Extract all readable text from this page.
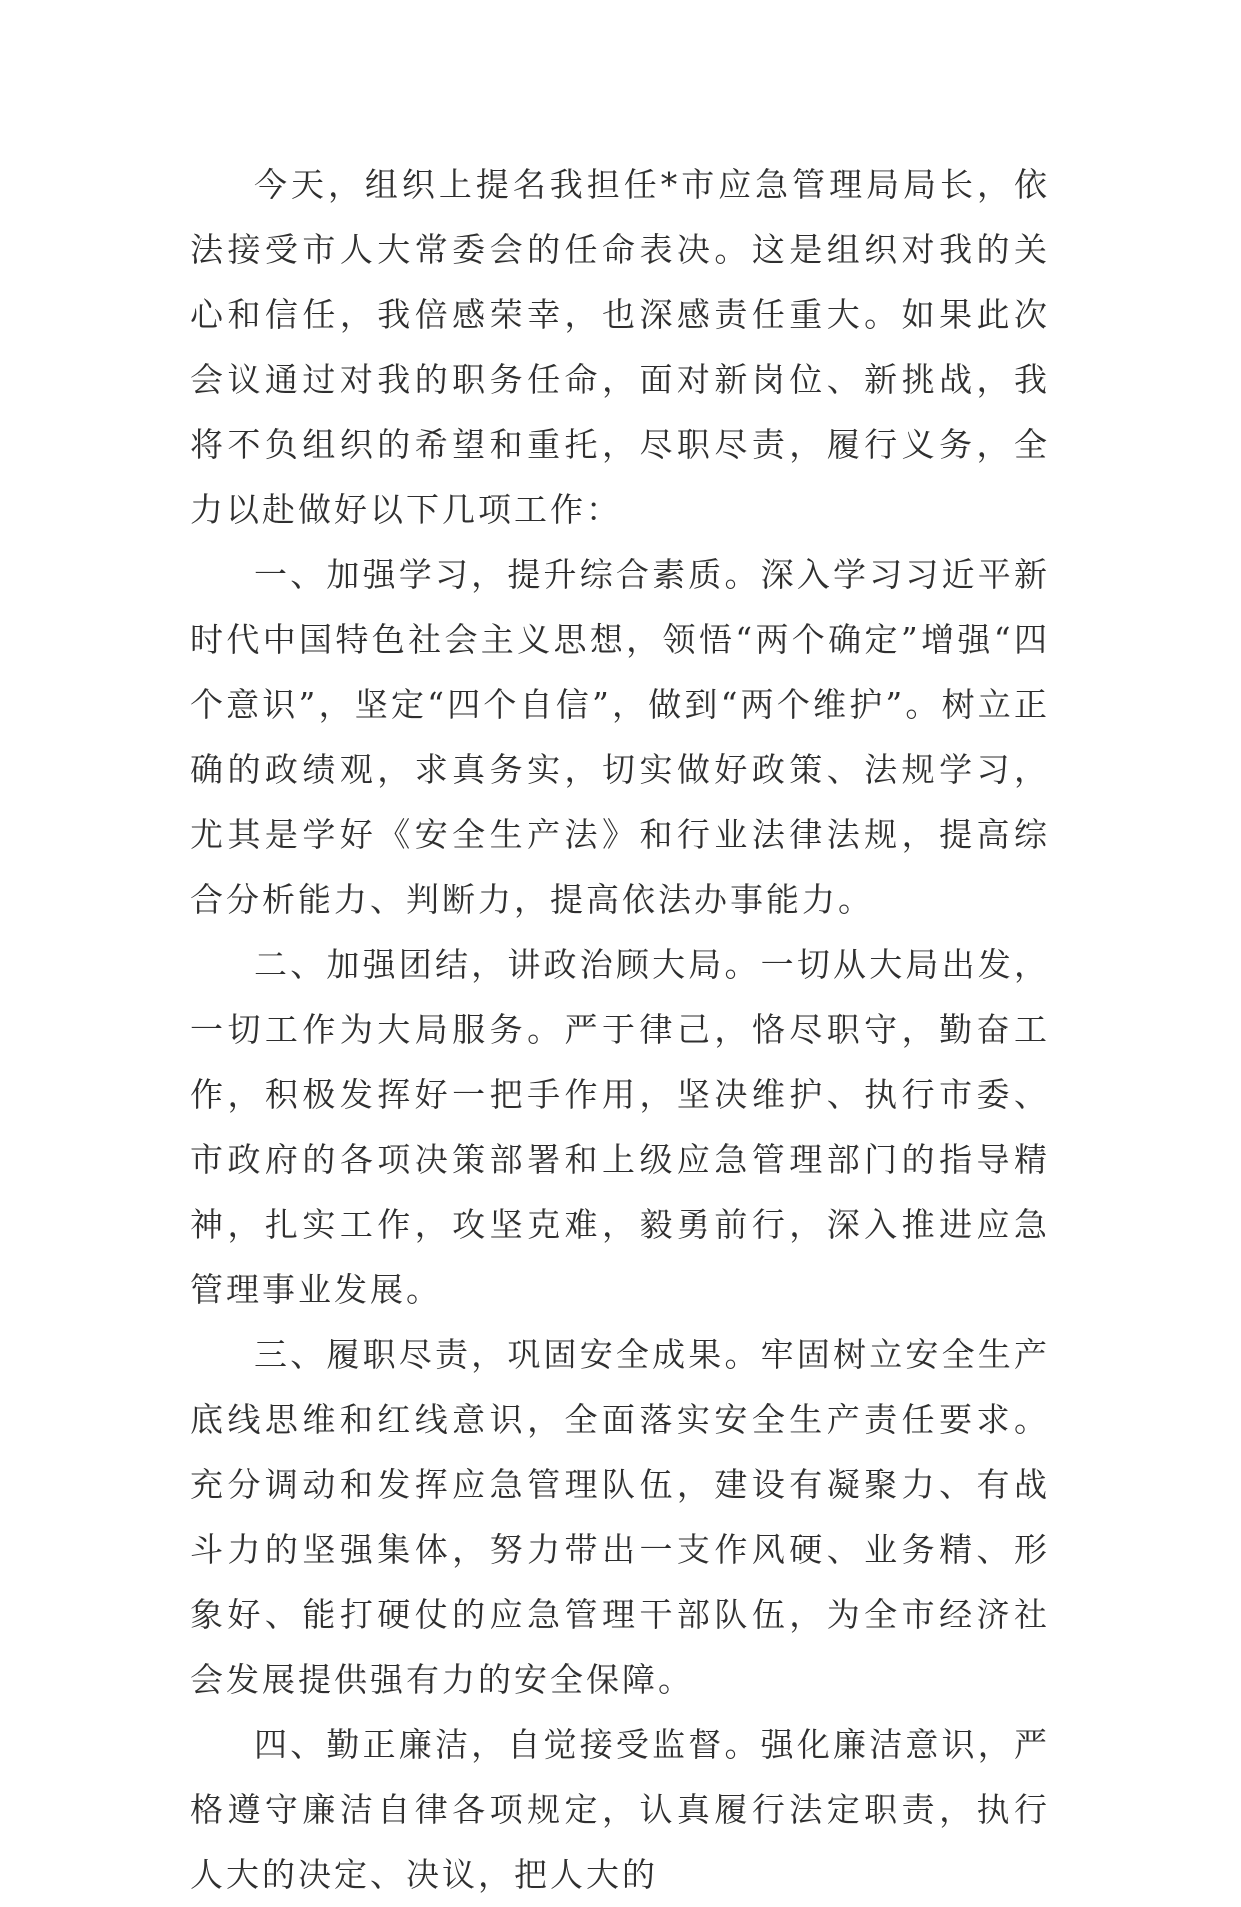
今天，组织上提名我担任*市应急管理局局长，依法接受市人大常委会的任命表决。这是组织对我的关心和信任，我倍感荣幸，也深感责任重大。如果此次会议通过对我的职务任命，面对新岗位、新挑战，我将不负组织的希望和重托，尽职尽责，履行义务，全力以赴做好以下几项工作：

一、加强学习，提升综合素质。深入学习习近平新时代中国特色社会主义思想，领悟“两个确定”增强“四个意识”，坚定“四个自信”，做到“两个维护”。树立正确的政绩观，求真务实，切实做好政策、法规学习，尤其是学好《安全生产法》和行业法律法规，提高综合分析能力、判断力，提高依法办事能力。

二、加强团结，讲政治顾大局。一切从大局出发，一切工作为大局服务。严于律己，恪尽职守，勤奋工作，积极发挥好一把手作用，坚决维护、执行市委、市政府的各项决策部署和上级应急管理部门的指导精神，扎实工作，攻坚克难，毅勇前行，深入推进应急管理事业发展。

三、履职尽责，巩固安全成果。牢固树立安全生产底线思维和红线意识，全面落实安全生产责任要求。充分调动和发挥应急管理队伍，建设有凝聚力、有战斗力的坚强集体，努力带出一支作风硬、业务精、形象好、能打硬仗的应急管理干部队伍，为全市经济社会发展提供强有力的安全保障。

四、勤正廉洁，自觉接受监督。强化廉洁意识，严格遵守廉洁自律各项规定，认真履行法定职责，执行人大的决定、决议，把人大的
